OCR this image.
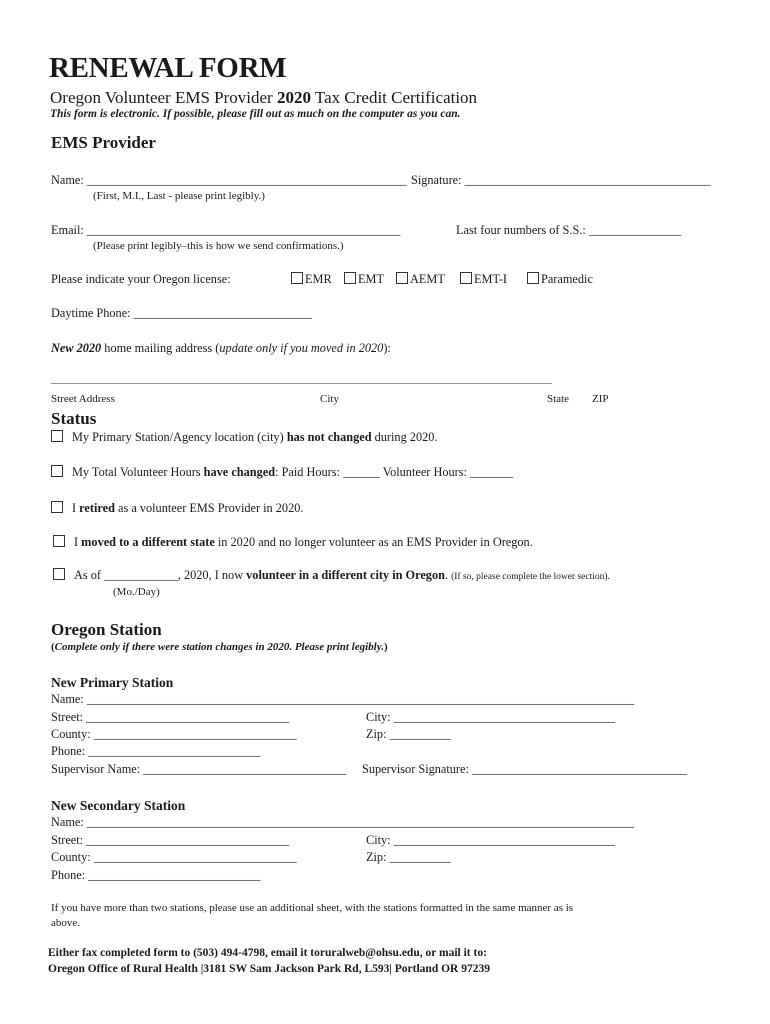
RENEWAL FORM
Oregon Volunteer EMS Provider 2020 Tax Credit Certification
This form is electronic. If possible, please fill out as much on the computer as you can.
EMS Provider
Name: ____________________________________________________
(First, M.I., Last - please print legibly.)
Signature: ________________________________________
Email: ___________________________________________________
(Please print legibly–this is how we send confirmations.)
Last four numbers of S.S.: _______________
Please indicate your Oregon license:	EMR	EMT	AEMT	EMT-I	Paramedic
Daytime Phone: _____________________________
New 2020 home mailing address (update only if you moved in 2020):
______________________________________________________________________________________________________________
Street Address	City	State ZIP
Status
My Primary Station/Agency location (city) has not changed during 2020.
My Total Volunteer Hours have changed: Paid Hours: ______ Volunteer Hours: _______
I retired as a volunteer EMS Provider in 2020.
I moved to a different state in 2020 and no longer volunteer as an EMS Provider in Oregon.
As of ____________, 2020, I now volunteer in a different city in Oregon. (If so, please complete the lower section).
(Mo./Day)
Oregon Station
(Complete only if there were station changes in 2020. Please print legibly.)
New Primary Station
Name: _________________________________________________________________________________________
Street: _________________________________	City: ____________________________________
County: _________________________________	Zip: __________
Phone: ____________________________
Supervisor Name: _________________________________ Supervisor Signature: ___________________________________
New Secondary Station
Name: _________________________________________________________________________________________
Street: _________________________________	City: ____________________________________
County: _________________________________	Zip: __________
Phone: ____________________________
If you have more than two stations, please use an additional sheet, with the stations formatted in the same manner as is
above.
Either fax completed form to (503) 494-4798, email it toruralweb@ohsu.edu, or mail it to:
Oregon Office of Rural Health |3181 SW Sam Jackson Park Rd, L593| Portland OR 97239
